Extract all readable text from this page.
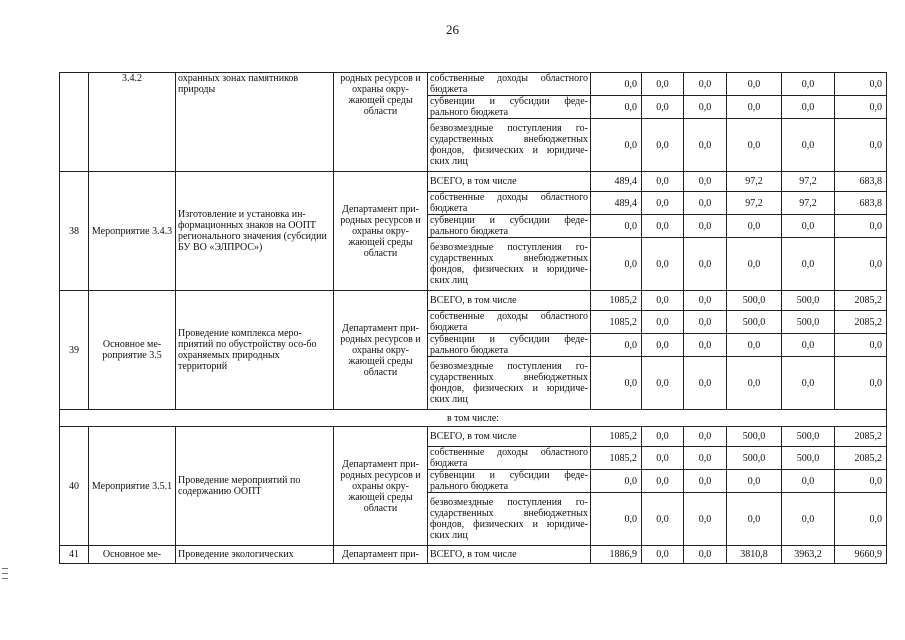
26
	3.4.2	охранных зонах памятников природы	родных ресурсов и охраны окру-жающей среды области	собственные доходы областного бюджета	0,0	0,0	0,0	0,0	0,0	0,0
				субвенции и субсидии феде-рального бюджета	0,0	0,0	0,0	0,0	0,0	0,0
				безвозмездные поступления го-сударственных внебюджетных фондов, физических и юридиче-ских лиц	0,0	0,0	0,0	0,0	0,0	0,0
38	Мероприятие 3.4.3	Изготовление и установка ин-формационных знаков на ООПТ регионального значения (субсидии БУ ВО «ЭЛПРОС»)	Департамент при-родных ресурсов и охраны окру-жающей среды области	ВСЕГО, в том числе	489,4	0,0	0,0	97,2	97,2	683,8
				собственные доходы областного бюджета	489,4	0,0	0,0	97,2	97,2	683,8
				субвенции и субсидии феде-рального бюджета	0,0	0,0	0,0	0,0	0,0	0,0
				безвозмездные поступления го-сударственных внебюджетных фондов, физических и юридиче-ских лиц	0,0	0,0	0,0	0,0	0,0	0,0
39	Основное ме-роприятие 3.5	Проведение комплекса меро-приятий по обустройству осо-бо охраняемых природных территорий	Департамент при-родных ресурсов и охраны окру-жающей среды области	ВСЕГО, в том числе	1085,2	0,0	0,0	500,0	500,0	2085,2
				собственные доходы областного бюджета	1085,2	0,0	0,0	500,0	500,0	2085,2
				субвенции и субсидии феде-рального бюджета	0,0	0,0	0,0	0,0	0,0	0,0
				безвозмездные поступления го-сударственных внебюджетных фондов, физических и юридиче-ских лиц	0,0	0,0	0,0	0,0	0,0	0,0
в том числе:										
40	Мероприятие 3.5.1	Проведение мероприятий по содержанию ООПТ	Департамент при-родных ресурсов и охраны окру-жающей среды области	ВСЕГО, в том числе	1085,2	0,0	0,0	500,0	500,0	2085,2
				собственные доходы областного бюджета	1085,2	0,0	0,0	500,0	500,0	2085,2
				субвенции и субсидии феде-рального бюджета	0,0	0,0	0,0	0,0	0,0	0,0
				безвозмездные поступления го-сударственных внебюджетных фондов, физических и юридиче-ских лиц	0,0	0,0	0,0	0,0	0,0	0,0
41	Основное ме-	Проведение экологических	Департамент при-	ВСЕГО, в том числе	1886,9	0,0	0,0	3810,8	3963,2	9660,9
